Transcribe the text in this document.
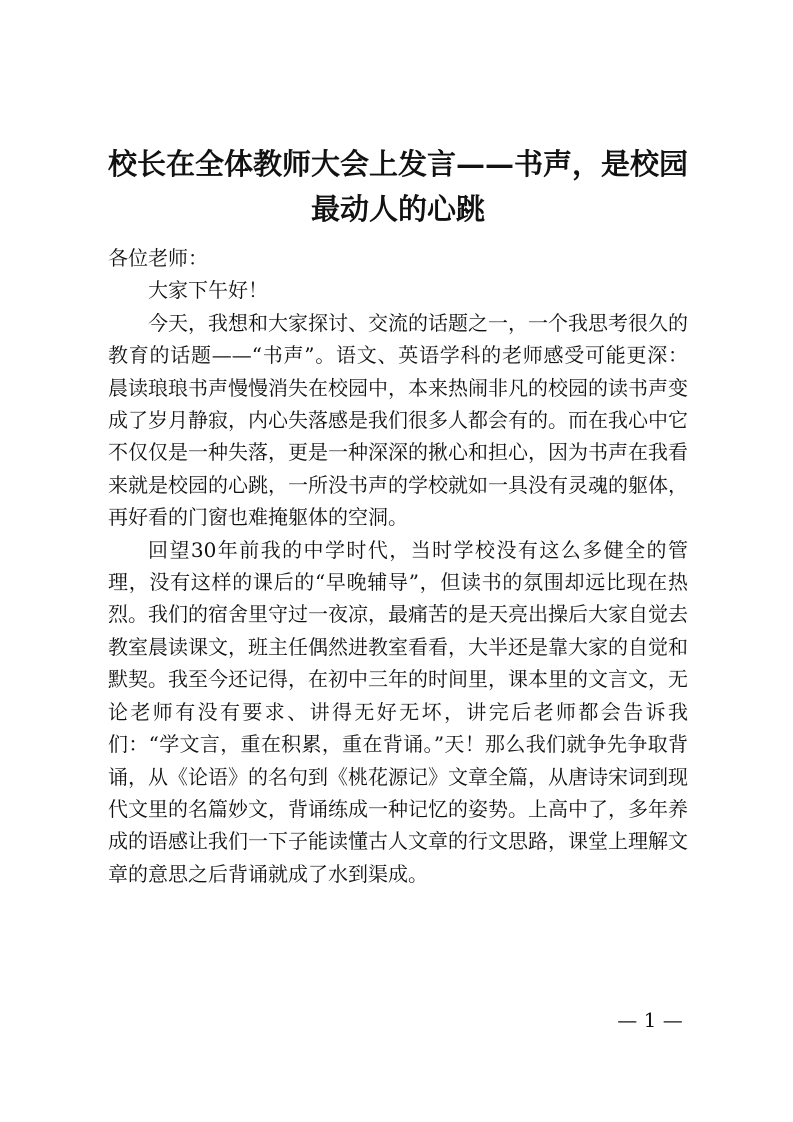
校长在全体教师大会上发言——书声，是校园最动人的心跳

各位老师：

大家下午好！

今天，我想和大家探讨、交流的话题之一，一个我思考很久的教育的话题——“书声”。语文、英语学科的老师感受可能更深：晨读琅琅书声慢慢消失在校园中，本来热闹非凡的校园的读书声变成了岁月静寂，内心失落感是我们很多人都会有的。而在我心中它不仅仅是一种失落，更是一种深深的揪心和担心，因为书声在我看来就是校园的心跳，一所没书声的学校就如一具没有灵魂的躯体，再好看的门窗也难掩躯体的空洞。

回望30年前我的中学时代，当时学校没有这么多健全的管理，没有这样的课后的“早晚辅导”，但读书的氛围却远比现在热烈。我们的宿舍里守过一夜凉，最痛苦的是天亮出操后大家自觉去教室晨读课文，班主任偶然进教室看看，大半还是靠大家的自觉和默契。我至今还记得，在初中三年的时间里，课本里的文言文，无论老师有没有要求、讲得无好无坏，讲完后老师都会告诉我们：“学文言，重在积累，重在背诵。”天！那么我们就争先争取背诵，从《论语》的名句到《桃花源记》文章全篇，从唐诗宋词到现代文里的名篇妙文，背诵练成一种记忆的姿势。上高中了，多年养成的语感让我们一下子能读懂古人文章的行文思路，课堂上理解文章的意思之后背诵就成了水到渠成。

— 1 —
